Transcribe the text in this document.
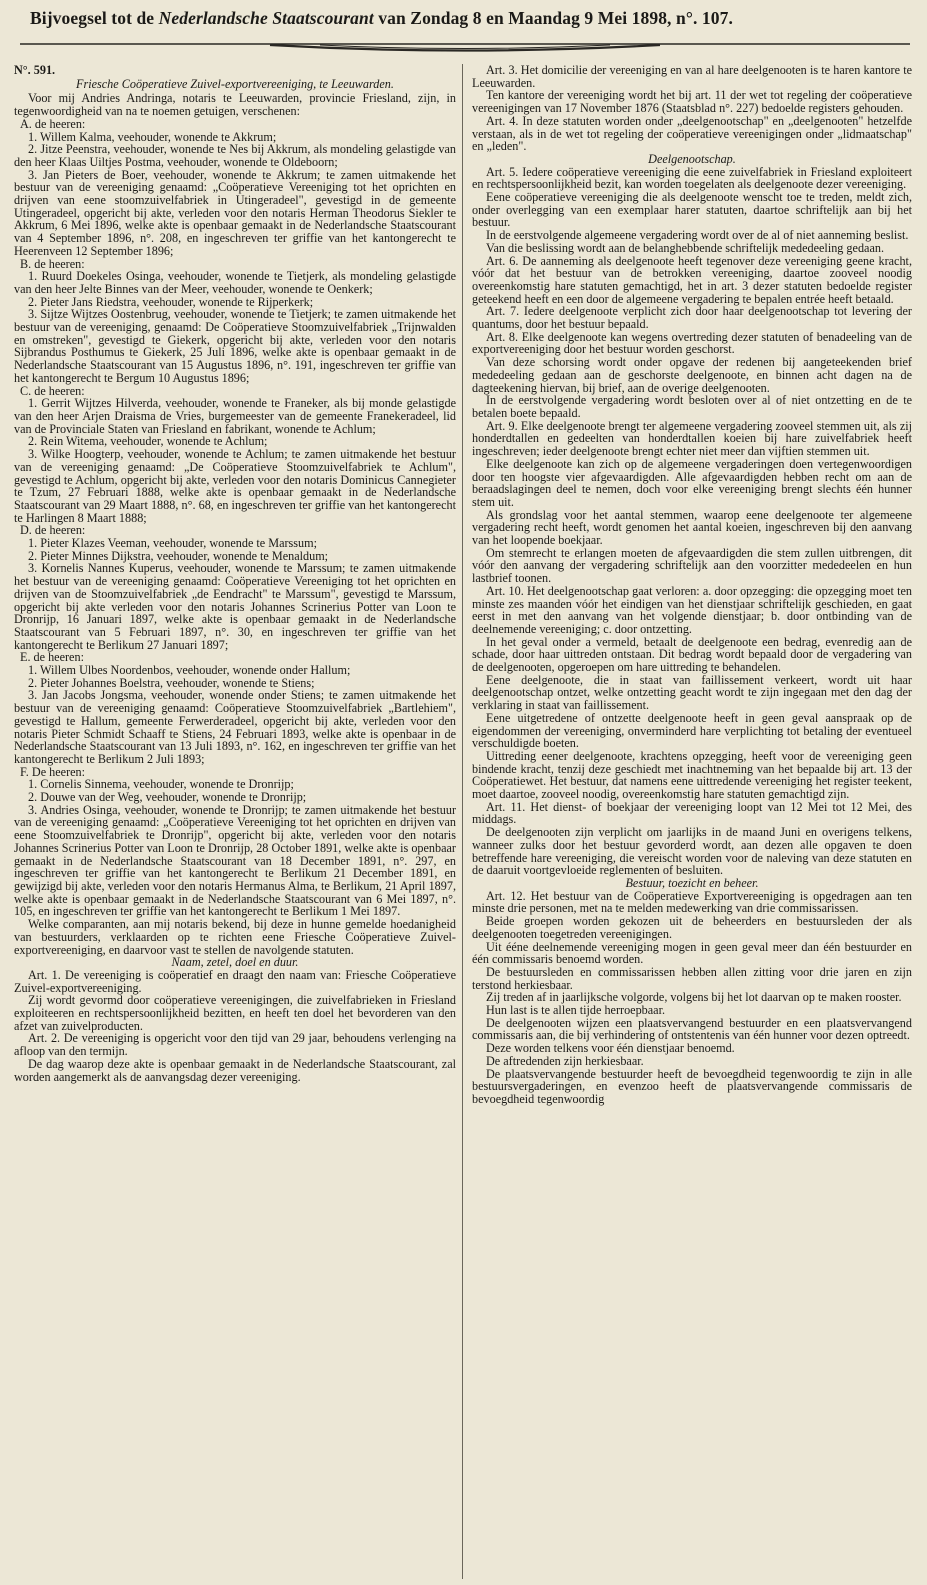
Bijvoegsel tot de Nederlandsche Staatscourant van Zondag 8 en Maandag 9 Mei 1898, n°. 107.

N°. 591.

Friesche Coöperatieve Zuivel-exportvereeniging, te Leeuwarden.

Voor mij Andries Andringa, notaris te Leeuwarden, provincie Friesland, zijn, in tegenwoordigheid van na te noemen getuigen, verschenen:

A. de heeren:

1. Willem Kalma, veehouder, wonende te Akkrum;

2. Jitze Peenstra, veehouder, wonende te Nes bij Akkrum, als mondeling gelastigde van den heer Klaas Uiltjes Postma, veehouder, wonende te Oldeboorn;

3. Jan Pieters de Boer, veehouder, wonende te Akkrum; te zamen uitmakende het bestuur van de vereeniging genaamd: „Coöperatieve Vereeniging tot het oprichten en drijven van eene stoomzuivelfabriek in Utingeradeel", gevestigd in de gemeente Utingeradeel, opgericht bij akte, verleden voor den notaris Herman Theodorus Siekler te Akkrum, 6 Mei 1896, welke akte is openbaar gemaakt in de Nederlandsche Staatscourant van 4 September 1896, n°. 208, en ingeschreven ter griffie van het kantongerecht te Heerenveen 12 September 1896;

B. de heeren:

1. Ruurd Doekeles Osinga, veehouder, wonende te Tietjerk, als mondeling gelastigde van den heer Jelte Binnes van der Meer, veehouder, wonende te Oenkerk;

2. Pieter Jans Riedstra, veehouder, wonende te Rijperkerk;

3. Sijtze Wijtzes Oostenbrug, veehouder, wonende te Tietjerk; te zamen uitmakende het bestuur van de vereeniging, genaamd: De Coöperatieve Stoomzuivelfabriek „Trijnwalden en omstreken", gevestigd te Giekerk, opgericht bij akte, verleden voor den notaris Sijbrandus Posthumus te Giekerk, 25 Juli 1896, welke akte is openbaar gemaakt in de Nederlandsche Staatscourant van 15 Augustus 1896, n°. 191, ingeschreven ter griffie van het kantongerecht te Bergum 10 Augustus 1896;

C. de heeren:

1. Gerrit Wijtzes Hilverda, veehouder, wonende te Franeker, als bij monde gelastigde van den heer Arjen Draisma de Vries, burgemeester van de gemeente Franekeradeel, lid van de Provinciale Staten van Friesland en fabrikant, wonende te Achlum;

2. Rein Witema, veehouder, wonende te Achlum;

3. Wilke Hoogterp, veehouder, wonende te Achlum; te zamen uitmakende het bestuur van de vereeniging genaamd: „De Coöperatieve Stoomzuivelfabriek te Achlum", gevestigd te Achlum, opgericht bij akte, verleden voor den notaris Dominicus Cannegieter te Tzum, 27 Februari 1888, welke akte is openbaar gemaakt in de Nederlandsche Staatscourant van 29 Maart 1888, n°. 68, en ingeschreven ter griffie van het kantongerecht te Harlingen 8 Maart 1888;

D. de heeren:

1. Pieter Klazes Veeman, veehouder, wonende te Marssum;

2. Pieter Minnes Dijkstra, veehouder, wonende te Menaldum;

3. Kornelis Nannes Kuperus, veehouder, wonende te Marssum; te zamen uitmakende het bestuur van de vereeniging genaamd: Coöperatieve Vereeniging tot het oprichten en drijven van de Stoomzuivelfabriek „de Eendracht" te Marssum", gevestigd te Marssum, opgericht bij akte verleden voor den notaris Johannes Scrinerius Potter van Loon te Dronrijp, 16 Januari 1897, welke akte is openbaar gemaakt in de Nederlandsche Staatscourant van 5 Februari 1897, n°. 30, en ingeschreven ter griffie van het kantongerecht te Berlikum 27 Januari 1897;

E. de heeren:

1. Willem Ulbes Noordenbos, veehouder, wonende onder Hallum;

2. Pieter Johannes Boelstra, veehouder, wonende te Stiens;

3. Jan Jacobs Jongsma, veehouder, wonende onder Stiens; te zamen uitmakende het bestuur van de vereeniging genaamd: Coöperatieve Stoomzuivelfabriek „Bartlehiem", gevestigd te Hallum, gemeente Ferwerderadeel, opgericht bij akte, verleden voor den notaris Pieter Schmidt Schaaff te Stiens, 24 Februari 1893, welke akte is openbaar in de Nederlandsche Staatscourant van 13 Juli 1893, n°. 162, en ingeschreven ter griffie van het kantongerecht te Berlikum 2 Juli 1893;

F. De heeren:

1. Cornelis Sinnema, veehouder, wonende te Dronrijp;

2. Douwe van der Weg, veehouder, wonende te Dronrijp;

3. Andries Osinga, veehouder, wonende te Dronrijp; te zamen uitmakende het bestuur van de vereeniging genaamd: „Coöperatieve Vereeniging tot het oprichten en drijven van eene Stoomzuivelfabriek te Dronrijp", opgericht bij akte, verleden voor den notaris Johannes Scrinerius Potter van Loon te Dronrijp, 28 October 1891, welke akte is openbaar gemaakt in de Nederlandsche Staatscourant van 18 December 1891, n°. 297, en ingeschreven ter griffie van het kantongerecht te Berlikum 21 December 1891, en gewijzigd bij akte, verleden voor den notaris Hermanus Alma, te Berlikum, 21 April 1897, welke akte is openbaar gemaakt in de Nederlandsche Staatscourant van 6 Mei 1897, n°. 105, en ingeschreven ter griffie van het kantongerecht te Berlikum 1 Mei 1897.

Welke comparanten, aan mij notaris bekend, bij deze in hunne gemelde hoedanigheid van bestuurders, verklaarden op te richten eene Friesche Coöperatieve Zuivel-exportvereeniging, en daarvoor vast te stellen de navolgende statuten.

Naam, zetel, doel en duur.

Art. 1. De vereeniging is coöperatief en draagt den naam van: Friesche Coöperatieve Zuivel-exportvereeniging.

Zij wordt gevormd door coöperatieve vereenigingen, die zuivelfabrieken in Friesland exploiteeren en rechtspersoonlijkheid bezitten, en heeft ten doel het bevorderen van den afzet van zuivelproducten.

Art. 2. De vereeniging is opgericht voor den tijd van 29 jaar, behoudens verlenging na afloop van den termijn.

De dag waarop deze akte is openbaar gemaakt in de Nederlandsche Staatscourant, zal worden aangemerkt als de aanvangsdag dezer vereeniging.

Art. 3. Het domicilie der vereeniging en van al hare deelgenooten is te haren kantore te Leeuwarden.

Ten kantore der vereeniging wordt het bij art. 11 der wet tot regeling der coöperatieve vereenigingen van 17 November 1876 (Staatsblad n°. 227) bedoelde registers gehouden.

Art. 4. In deze statuten worden onder „deelgenootschap" en „deelgenooten" hetzelfde verstaan, als in de wet tot regeling der coöperatieve vereenigingen onder „lidmaatschap" en „leden".

Deelgenootschap.

Art. 5. Iedere coöperatieve vereeniging die eene zuivelfabriek in Friesland exploiteert en rechtspersoonlijkheid bezit, kan worden toegelaten als deelgenoote dezer vereeniging.

Eene coöperatieve vereeniging die als deelgenoote wenscht toe te treden, meldt zich, onder overlegging van een exemplaar harer statuten, daartoe schriftelijk aan bij het bestuur.

In de eerstvolgende algemeene vergadering wordt over de al of niet aanneming beslist.

Van die beslissing wordt aan de belanghebbende schriftelijk mededeeling gedaan.

Art. 6. De aanneming als deelgenoote heeft tegenover deze vereeniging geene kracht, vóór dat het bestuur van de betrokken vereeniging, daartoe zooveel noodig overeenkomstig hare statuten gemachtigd, het in art. 3 dezer statuten bedoelde register geteekend heeft en een door de algemeene vergadering te bepalen entrée heeft betaald.

Art. 7. Iedere deelgenoote verplicht zich door haar deelgenootschap tot levering der quantums, door het bestuur bepaald.

Art. 8. Elke deelgenoote kan wegens overtreding dezer statuten of benadeeling van de exportvereeniging door het bestuur worden geschorst.

Van deze schorsing wordt onder opgave der redenen bij aangeteekenden brief mededeeling gedaan aan de geschorste deelgenoote, en binnen acht dagen na de dagteekening hiervan, bij brief, aan de overige deelgenooten.

In de eerstvolgende vergadering wordt besloten over al of niet ontzetting en de te betalen boete bepaald.

Art. 9. Elke deelgenoote brengt ter algemeene vergadering zooveel stemmen uit, als zij honderdtallen en gedeelten van honderdtallen koeien bij hare zuivelfabriek heeft ingeschreven; ieder deelgenoote brengt echter niet meer dan vijftien stemmen uit.

Elke deelgenoote kan zich op de algemeene vergaderingen doen vertegenwoordigen door ten hoogste vier afgevaardigden. Alle afgevaardigden hebben recht om aan de beraadslagingen deel te nemen, doch voor elke vereeniging brengt slechts één hunner stem uit.

Als grondslag voor het aantal stemmen, waarop eene deelgenoote ter algemeene vergadering recht heeft, wordt genomen het aantal koeien, ingeschreven bij den aanvang van het loopende boekjaar.

Om stemrecht te erlangen moeten de afgevaardigden die stem zullen uitbrengen, dit vóór den aanvang der vergadering schriftelijk aan den voorzitter mededeelen en hun lastbrief toonen.

Art. 10. Het deelgenootschap gaat verloren: a. door opzegging: die opzegging moet ten minste zes maanden vóór het eindigen van het dienstjaar schriftelijk geschieden, en gaat eerst in met den aanvang van het volgende dienstjaar; b. door ontbinding van de deelnemende vereeniging; c. door ontzetting.

In het geval onder a vermeld, betaalt de deelgenoote een bedrag, evenredig aan de schade, door haar uittreden ontstaan. Dit bedrag wordt bepaald door de vergadering van de deelgenooten, opgeroepen om hare uittreding te behandelen.

Eene deelgenoote, die in staat van faillissement verkeert, wordt uit haar deelgenootschap ontzet, welke ontzetting geacht wordt te zijn ingegaan met den dag der verklaring in staat van faillissement.

Eene uitgetredene of ontzette deelgenoote heeft in geen geval aanspraak op de eigendommen der vereeniging, onverminderd hare verplichting tot betaling der eventueel verschuldigde boeten.

Uittreding eener deelgenoote, krachtens opzegging, heeft voor de vereeniging geen bindende kracht, tenzij deze geschiedt met inachtneming van het bepaalde bij art. 13 der Coöperatiewet. Het bestuur, dat namens eene uittredende vereeniging het register teekent, moet daartoe, zooveel noodig, overeenkomstig hare statuten gemachtigd zijn.

Art. 11. Het dienst- of boekjaar der vereeniging loopt van 12 Mei tot 12 Mei, des middags.

De deelgenooten zijn verplicht om jaarlijks in de maand Juni en overigens telkens, wanneer zulks door het bestuur gevorderd wordt, aan dezen alle opgaven te doen betreffende hare vereeniging, die vereischt worden voor de naleving van deze statuten en de daaruit voortgevloeide reglementen of besluiten.

Bestuur, toezicht en beheer.

Art. 12. Het bestuur van de Coöperatieve Exportvereeniging is opgedragen aan ten minste drie personen, met na te melden medewerking van drie commissarissen.

Beide groepen worden gekozen uit de beheerders en bestuursleden der als deelgenooten toegetreden vereenigingen.

Uit ééne deelnemende vereeniging mogen in geen geval meer dan één bestuurder en één commissaris benoemd worden.

De bestuursleden en commissarissen hebben allen zitting voor drie jaren en zijn terstond herkiesbaar.

Zij treden af in jaarlijksche volgorde, volgens bij het lot daarvan op te maken rooster.

Hun last is te allen tijde herroepbaar.

De deelgenooten wijzen een plaatsvervangend bestuurder en een plaatsvervangend commissaris aan, die bij verhindering of ontstentenis van één hunner voor dezen optreedt.

Deze worden telkens voor één dienstjaar benoemd.

De aftredenden zijn herkiesbaar.

De plaatsvervangende bestuurder heeft de bevoegdheid tegenwoordig te zijn in alle bestuursvergaderingen, en evenzoo heeft de plaatsvervangende commissaris de bevoegdheid tegenwoordig
